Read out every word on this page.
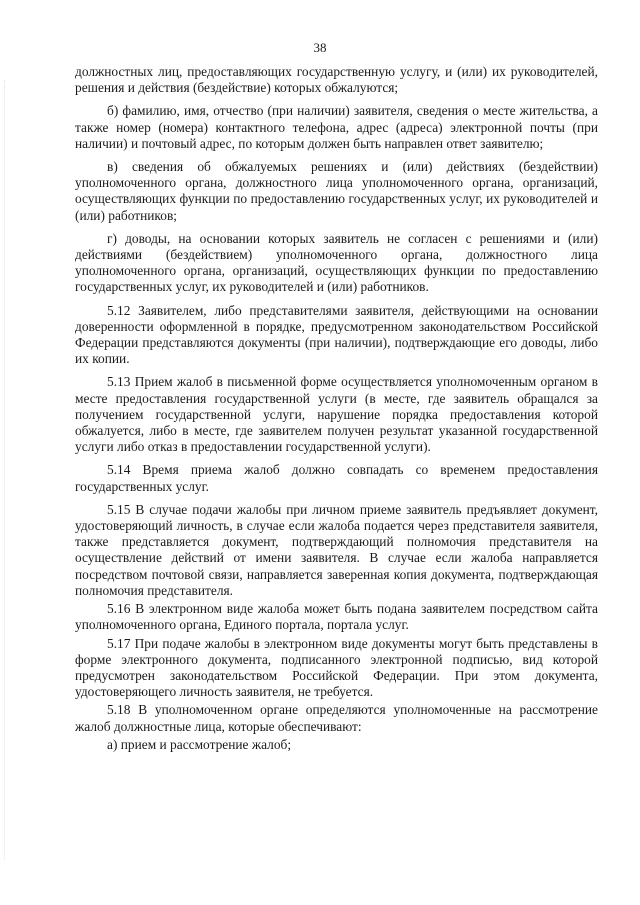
38

должностных лиц, предоставляющих государственную услугу, и (или) их руководителей, решения и действия (бездействие) которых обжалуются;

б) фамилию, имя, отчество (при наличии) заявителя, сведения о месте жительства, а также номер (номера) контактного телефона, адрес (адреса) электронной почты (при наличии) и почтовый адрес, по которым должен быть направлен ответ заявителю;

в) сведения об обжалуемых решениях и (или) действиях (бездействии) уполномоченного органа, должностного лица уполномоченного органа, организаций, осуществляющих функции по предоставлению государственных услуг, их руководителей и (или) работников;

г) доводы, на основании которых заявитель не согласен с решениями и (или) действиями (бездействием) уполномоченного органа, должностного лица уполномоченного органа, организаций, осуществляющих функции по предоставлению государственных услуг, их руководителей и (или) работников.

5.12 Заявителем, либо представителями заявителя, действующими на основании доверенности оформленной в порядке, предусмотренном законодательством Российской Федерации представляются документы (при наличии), подтверждающие его доводы, либо их копии.

5.13 Прием жалоб в письменной форме осуществляется уполномоченным органом в месте предоставления государственной услуги (в месте, где заявитель обращался за получением государственной услуги, нарушение порядка предоставления которой обжалуется, либо в месте, где заявителем получен результат указанной государственной услуги либо отказ в предоставлении государственной услуги).

5.14 Время приема жалоб должно совпадать со временем предоставления государственных услуг.

5.15 В случае подачи жалобы при личном приеме заявитель предъявляет документ, удостоверяющий личность, в случае если жалоба подается через представителя заявителя, также представляется документ, подтверждающий полномочия представителя на осуществление действий от имени заявителя. В случае если жалоба направляется посредством почтовой связи, направляется заверенная копия документа, подтверждающая полномочия представителя.

5.16 В электронном виде жалоба может быть подана заявителем посредством сайта уполномоченного органа, Единого портала, портала услуг.

5.17 При подаче жалобы в электронном виде документы могут быть представлены в форме электронного документа, подписанного электронной подписью, вид которой предусмотрен законодательством Российской Федерации. При этом документа, удостоверяющего личность заявителя, не требуется.

5.18 В уполномоченном органе определяются уполномоченные на рассмотрение жалоб должностные лица, которые обеспечивают:

а) прием и рассмотрение жалоб;
